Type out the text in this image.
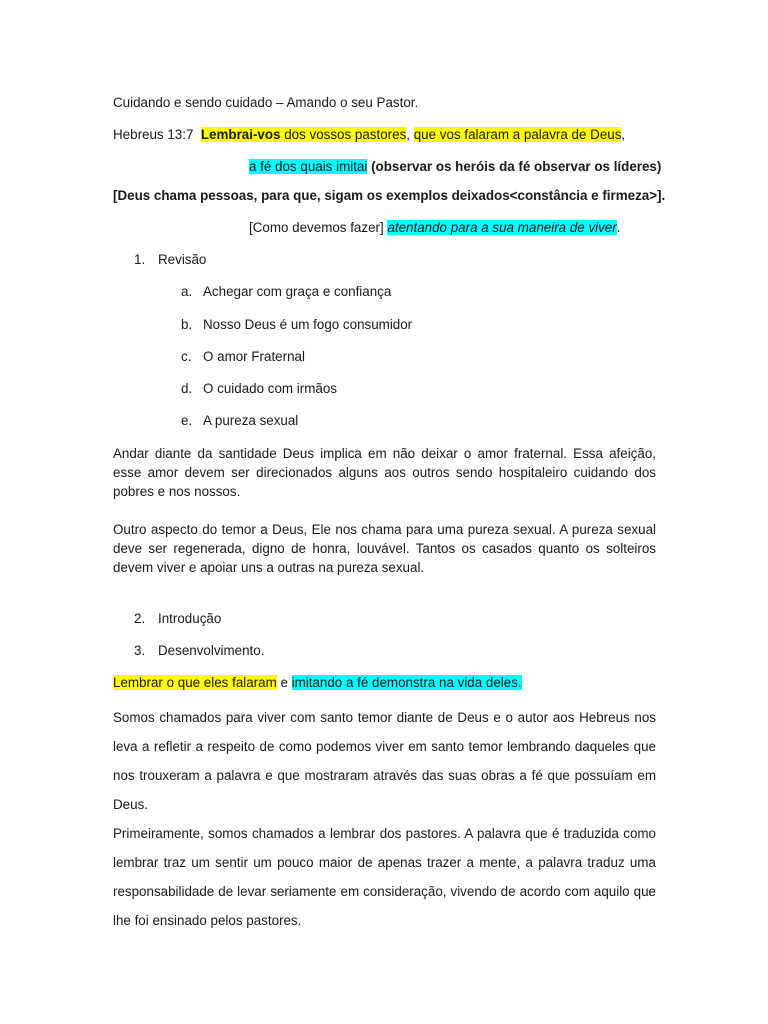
Cuidando e sendo cuidado – Amando o seu Pastor.
Hebreus 13:7 Lembrai-vos dos vossos pastores, que vos falaram a palavra de Deus,
a fé dos quais imitai (observar os heróis da fé observar os líderes)
[Deus chama pessoas, para que, sigam os exemplos deixados<constância e firmeza>].
[Como devemos fazer] atentando para a sua maneira de viver.
1. Revisão
a. Achegar com graça e confiança
b. Nosso Deus é um fogo consumidor
c. O amor Fraternal
d. O cuidado com irmãos
e. A pureza sexual
Andar diante da santidade Deus implica em não deixar o amor fraternal. Essa afeição, esse amor devem ser direcionados alguns aos outros sendo hospitaleiro cuidando dos pobres e nos nossos.
Outro aspecto do temor a Deus, Ele nos chama para uma pureza sexual. A pureza sexual deve ser regenerada, digno de honra, louvável. Tantos os casados quanto os solteiros devem viver e apoiar uns a outras na pureza sexual.
2. Introdução
3. Desenvolvimento.
Lembrar o que eles falaram e imitando a fé demonstra na vida deles.
Somos chamados para viver com santo temor diante de Deus e o autor aos Hebreus nos leva a refletir a respeito de como podemos viver em santo temor lembrando daqueles que nos trouxeram a palavra e que mostraram através das suas obras a fé que possuíam em Deus.
Primeiramente, somos chamados a lembrar dos pastores. A palavra que é traduzida como lembrar traz um sentir um pouco maior de apenas trazer a mente, a palavra traduz uma responsabilidade de levar seriamente em consideração, vivendo de acordo com aquilo que lhe foi ensinado pelos pastores.
